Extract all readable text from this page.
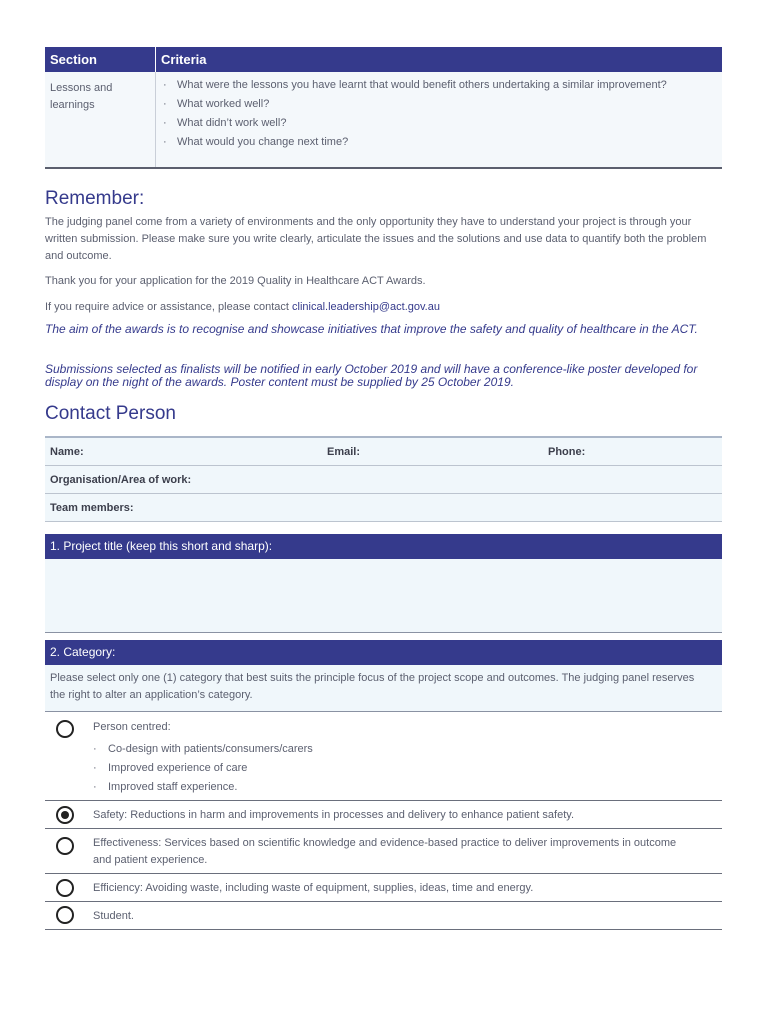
Section	Criteria
Lessons and learnings
· What were the lessons you have learnt that would benefit others undertaking a similar improvement?
· What worked well?
· What didn’t work well?
· What would you change next time?
Remember:
The judging panel come from a variety of environments and the only opportunity they have to understand your project is through your written submission. Please make sure you write clearly, articulate the issues and the solutions and use data to quantify both the problem and outcome.
Thank you for your application for the 2019 Quality in Healthcare ACT Awards.
If you require advice or assistance, please contact clinical.leadership@act.gov.au
The aim of the awards is to recognise and showcase initiatives that improve the safety and quality of healthcare in the ACT.
Submissions selected as finalists will be notified in early October 2019 and will have a conference-like poster developed for display on the night of the awards. Poster content must be supplied by 25 October 2019.
Contact Person
Name:	Email:	Phone:
Organisation/Area of work:
Team members:
1. Project title (keep this short and sharp):
2. Category:
Please select only one (1) category that best suits the principle focus of the project scope and outcomes. The judging panel reserves the right to alter an application’s category.
Person centred:
· Co-design with patients/consumers/carers
· Improved experience of care
· Improved staff experience.
Safety: Reductions in harm and improvements in processes and delivery to enhance patient safety.
Effectiveness: Services based on scientific knowledge and evidence-based practice to deliver improvements in outcome and patient experience.
Efficiency: Avoiding waste, including waste of equipment, supplies, ideas, time and energy.
Student.
